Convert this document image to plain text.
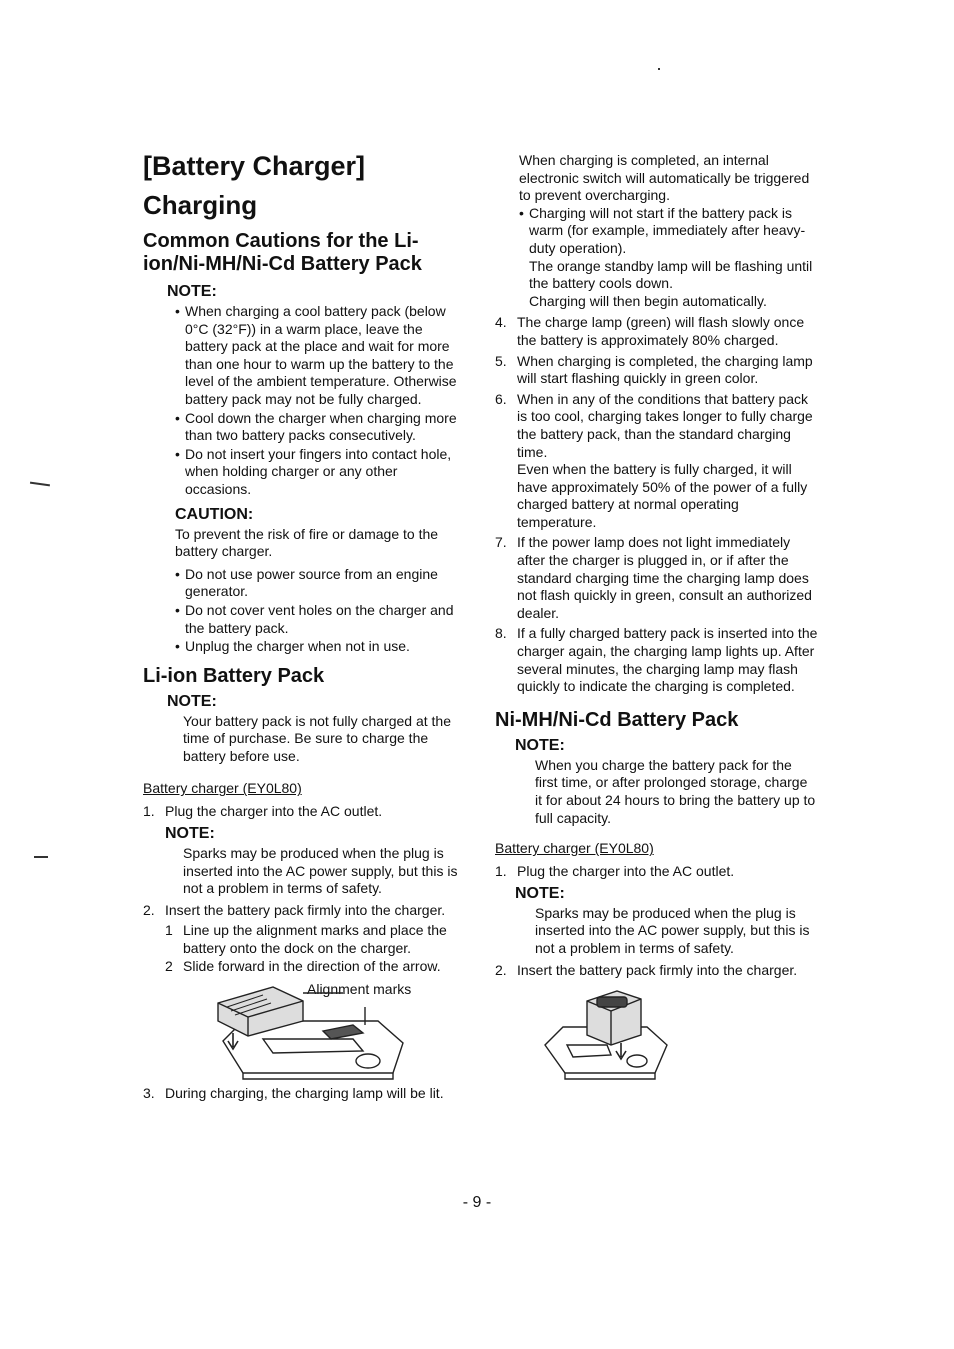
[Battery Charger]
Charging
Common Cautions for the Li-ion/Ni-MH/Ni-Cd Battery Pack
NOTE:
• When charging a cool battery pack (below 0°C (32°F)) in a warm place, leave the battery pack at the place and wait for more than one hour to warm up the battery to the level of the ambient temperature. Otherwise battery pack may not be fully charged.
• Cool down the charger when charging more than two battery packs consecutively.
• Do not insert your fingers into contact hole, when holding charger or any other occasions.
CAUTION:
To prevent the risk of fire or damage to the battery charger.
• Do not use power source from an engine generator.
• Do not cover vent holes on the charger and the battery pack.
• Unplug the charger when not in use.
Li-ion Battery Pack
NOTE:
Your battery pack is not fully charged at the time of purchase. Be sure to charge the battery before use.
Battery charger (EY0L80)
1. Plug the charger into the AC outlet.
NOTE:
Sparks may be produced when the plug is inserted into the AC power supply, but this is not a problem in terms of safety.
2. Insert the battery pack firmly into the charger.
1 Line up the alignment marks and place the battery onto the dock on the charger.
2 Slide forward in the direction of the arrow.
Alignment marks
3. During charging, the charging lamp will be lit.
When charging is completed, an internal electronic switch will automatically be triggered to prevent overcharging.
• Charging will not start if the battery pack is warm (for example, immediately after heavy-duty operation).
The orange standby lamp will be flashing until the battery cools down.
Charging will then begin automatically.
4. The charge lamp (green) will flash slowly once the battery is approximately 80% charged.
5. When charging is completed, the charging lamp will start flashing quickly in green color.
6. When in any of the conditions that battery pack is too cool, charging takes longer to fully charge the battery pack, than the standard charging time.
Even when the battery is fully charged, it will have approximately 50% of the power of a fully charged battery at normal operating temperature.
7. If the power lamp does not light immediately after the charger is plugged in, or if after the standard charging time the charging lamp does not flash quickly in green, consult an authorized dealer.
8. If a fully charged battery pack is inserted into the charger again, the charging lamp lights up. After several minutes, the charging lamp may flash quickly to indicate the charging is completed.
Ni-MH/Ni-Cd Battery Pack
NOTE:
When you charge the battery pack for the first time, or after prolonged storage, charge it for about 24 hours to bring the battery up to full capacity.
Battery charger (EY0L80)
1. Plug the charger into the AC outlet.
NOTE:
Sparks may be produced when the plug is inserted into the AC power supply, but this is not a problem in terms of safety.
2. Insert the battery pack firmly into the charger.
- 9 -
